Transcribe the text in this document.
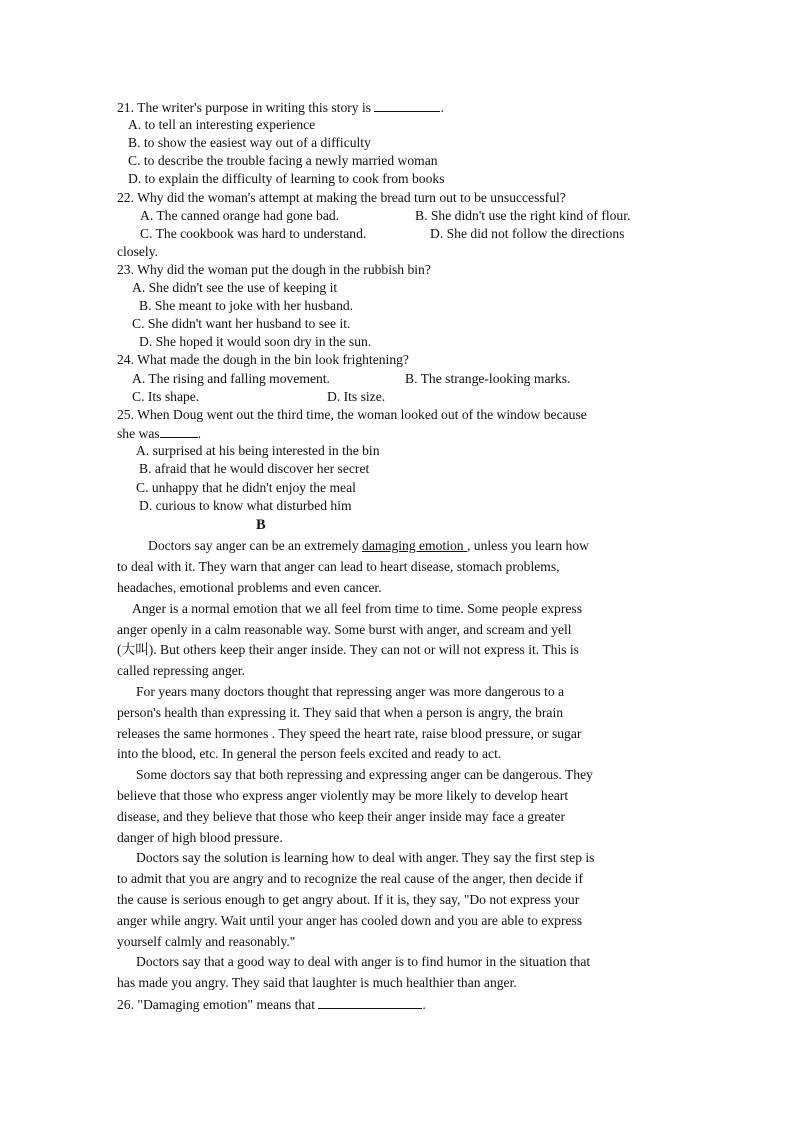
21. The writer's purpose in writing this story is	.
A. to tell an interesting experience
B. to show the easiest way out of a difficulty
C. to describe the trouble facing a newly married woman
D. to explain the difficulty of learning to cook from books
22. Why did the woman's attempt at making the bread turn out to be unsuccessful?
A. The canned orange had gone bad.	B. She didn't use the right kind of flour.
C. The cookbook was hard to understand.	D. She did not follow the directions
closely.
23. Why did the woman put the dough in the rubbish bin?
A. She didn't see the use of keeping it
B. She meant to joke with her husband.
C. She didn't want her husband to see it.
D. She hoped it would soon dry in the sun.
24. What made the dough in the bin look frightening?
A. The rising and falling movement.	B. The strange-looking marks.
C. Its shape.	D. Its size.
25. When Doug went out the third time, the woman looked out of the window because
she was	.
A. surprised at his being interested in the bin
B. afraid that he would discover her secret
C. unhappy that he didn't enjoy the meal
D. curious to know what disturbed him
B
Doctors say anger can be an extremely damaging emotion , unless you learn how
to deal with it. They warn that anger can lead to heart disease, stomach problems,
headaches, emotional problems and even cancer.
Anger is a normal emotion that we all feel from time to time. Some people express
anger openly in a calm reasonable way. Some burst with anger, and scream and yell
(大叫). But others keep their anger inside. They can not or will not express it. This is
called repressing anger.
For years many doctors thought that repressing anger was more dangerous to a
person's health than expressing it. They said that when a person is angry, the brain
releases the same hormones . They speed the heart rate, raise blood pressure, or sugar
into the blood, etc. In general the person feels excited and ready to act.
Some doctors say that both repressing and expressing anger can be dangerous. They
believe that those who express anger violently may be more likely to develop heart
disease, and they believe that those who keep their anger inside may face a greater
danger of high blood pressure.
Doctors say the solution is learning how to deal with anger. They say the first step is
to admit that you are angry and to recognize the real cause of the anger, then decide if
the cause is serious enough to get angry about. If it is, they say, "Do not express your
anger while angry. Wait until your anger has cooled down and you are able to express
yourself calmly and reasonably."
Doctors say that a good way to deal with anger is to find humor in the situation that
has made you angry. They said that laughter is much healthier than anger.
26. "Damaging emotion" means that	.
